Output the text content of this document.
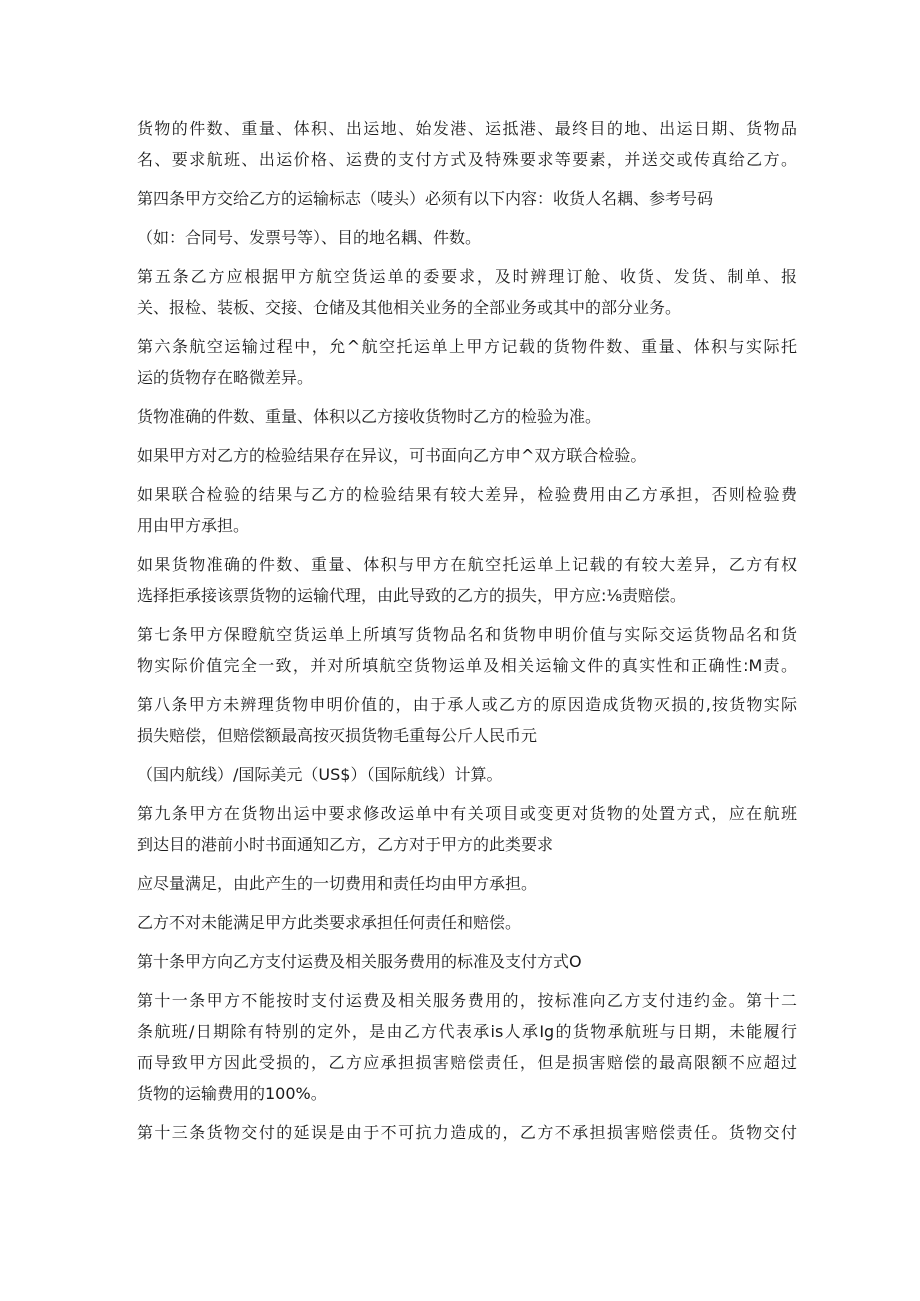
货物的件数、重量、体积、出运地、始发港、运抵港、最终目的地、出运日期、货物品
名、要求航班、出运价格、运费的支付方式及特殊要求等要素，并送交或传真给乙方。
第四条甲方交给乙方的运输标志（唛头）必须有以下内容：收货人名耦、参考号码
（如：合同号、发票号等）、目的地名耦、件数。
第五条乙方应根据甲方航空货运单的委要求，及时辨理订舱、收货、发货、制单、报
关、报检、装板、交接、仓储及其他相关业务的全部业务或其中的部分业务。
第六条航空运输过程中，允^航空托运单上甲方记载的货物件数、重量、体积与实际托
运的货物存在略微差异。
货物准确的件数、重量、体积以乙方接收货物时乙方的检验为准。
如果甲方对乙方的检验结果存在异议，可书面向乙方申^双方联合检验。
如果联合检验的结果与乙方的检验结果有较大差异，检验费用由乙方承担，否则检验费
用由甲方承担。
如果货物准确的件数、重量、体积与甲方在航空托运单上记载的有较大差异，乙方有权
选择拒承接该票货物的运输代理，由此导致的乙方的损失，甲方应:⅛责赔偿。
第七条甲方保瞪航空货运单上所填写货物品名和货物申明价值与实际交运货物品名和货
物实际价值完全一致，并对所填航空货物运单及相关运输文件的真实性和正确性:M责。
第八条甲方未辨理货物申明价值的，由于承人或乙方的原因造成货物灭损的,按货物实际
损失赔偿，但赔偿额最高按灭损货物毛重每公斤人民币元
（国内航线）/国际美元（US$）（国际航线）计算。
第九条甲方在货物出运中要求修改运单中有关项目或变更对货物的处置方式，应在航班
到达目的港前小时书面通知乙方，乙方对于甲方的此类要求
应尽量满足，由此产生的一切费用和责任均由甲方承担。
乙方不对未能满足甲方此类要求承担任何责任和赔偿。
第十条甲方向乙方支付运费及相关服务费用的标准及支付方式O
第十一条甲方不能按时支付运费及相关服务费用的，按标准向乙方支付违约金。第十二
条航班/日期除有特别的定外，是由乙方代表承is人承Ig的货物承航班与日期，未能履行
而导致甲方因此受损的，乙方应承担损害赔偿责任，但是损害赔偿的最高限额不应超过
货物的运输费用的100%。
第十三条货物交付的延误是由于不可抗力造成的，乙方不承担损害赔偿责任。货物交付
